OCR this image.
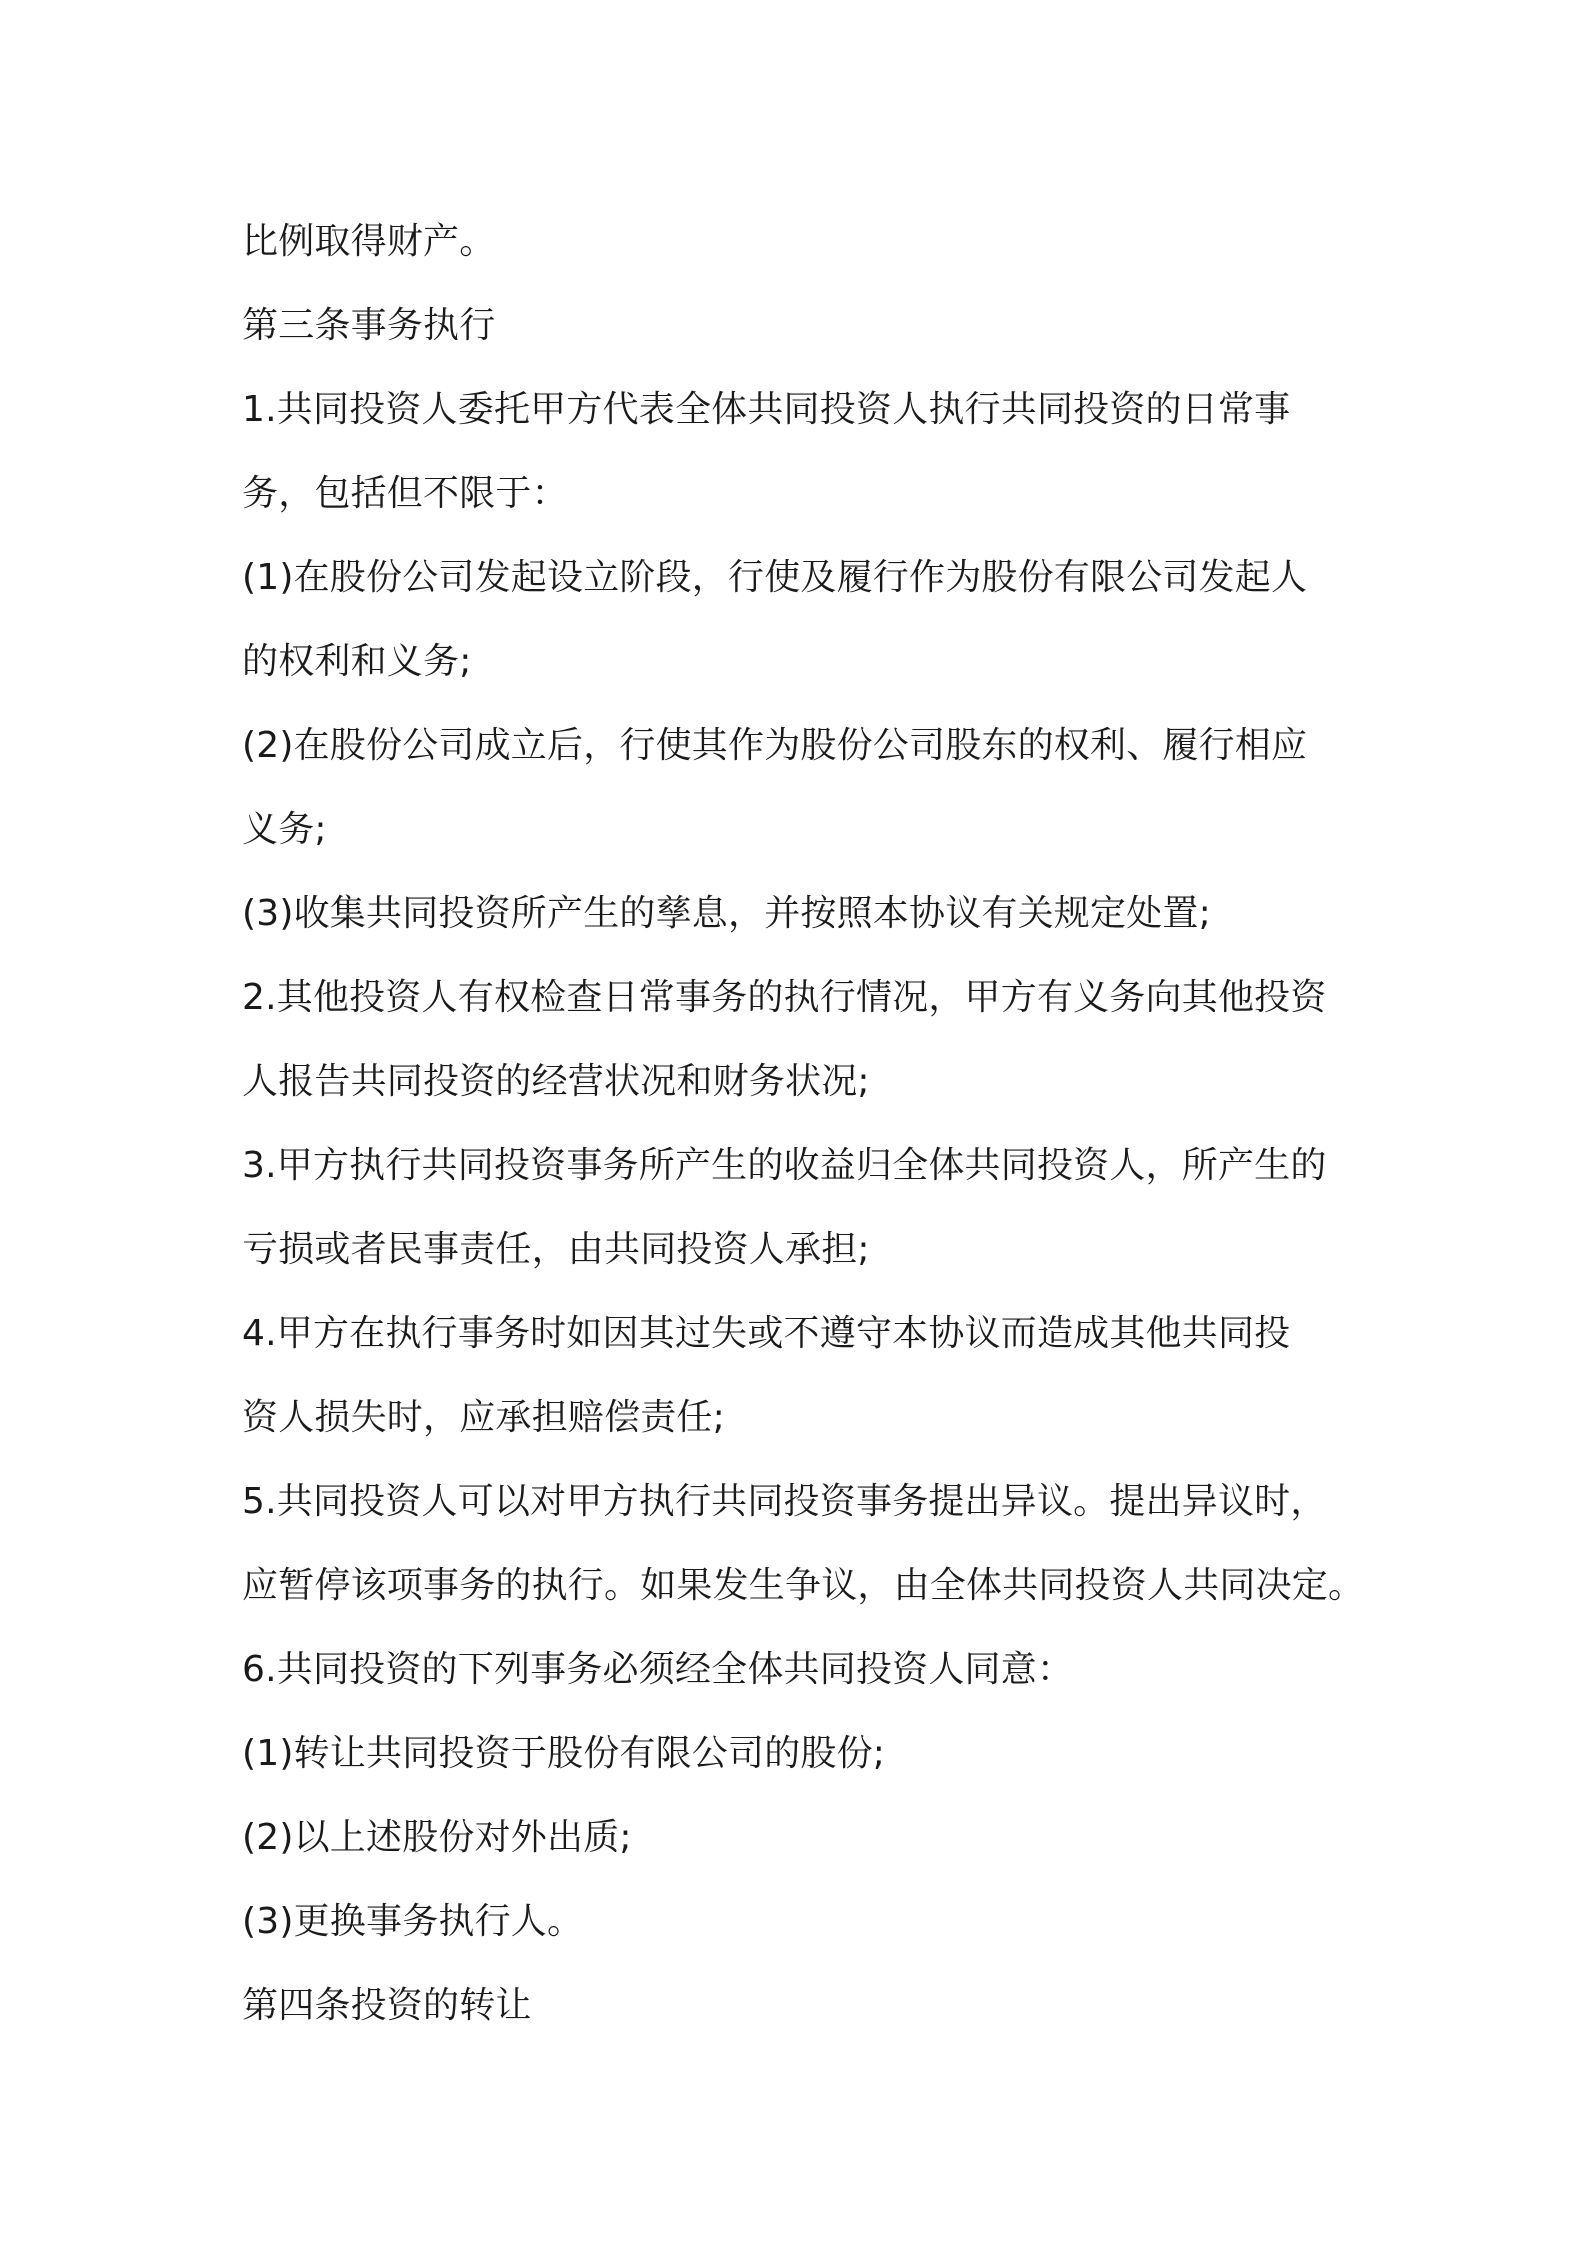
比例取得财产。
第三条事务执行
1.共同投资人委托甲方代表全体共同投资人执行共同投资的日常事
务，包括但不限于：
(1)在股份公司发起设立阶段，行使及履行作为股份有限公司发起人
的权利和义务;
(2)在股份公司成立后，行使其作为股份公司股东的权利、履行相应
义务;
(3)收集共同投资所产生的孳息，并按照本协议有关规定处置;
2.其他投资人有权检查日常事务的执行情况，甲方有义务向其他投资
人报告共同投资的经营状况和财务状况;
3.甲方执行共同投资事务所产生的收益归全体共同投资人，所产生的
亏损或者民事责任，由共同投资人承担;
4.甲方在执行事务时如因其过失或不遵守本协议而造成其他共同投
资人损失时，应承担赔偿责任;
5.共同投资人可以对甲方执行共同投资事务提出异议。提出异议时，
应暂停该项事务的执行。如果发生争议，由全体共同投资人共同决定。
6.共同投资的下列事务必须经全体共同投资人同意：
(1)转让共同投资于股份有限公司的股份;
(2)以上述股份对外出质;
(3)更换事务执行人。
第四条投资的转让
